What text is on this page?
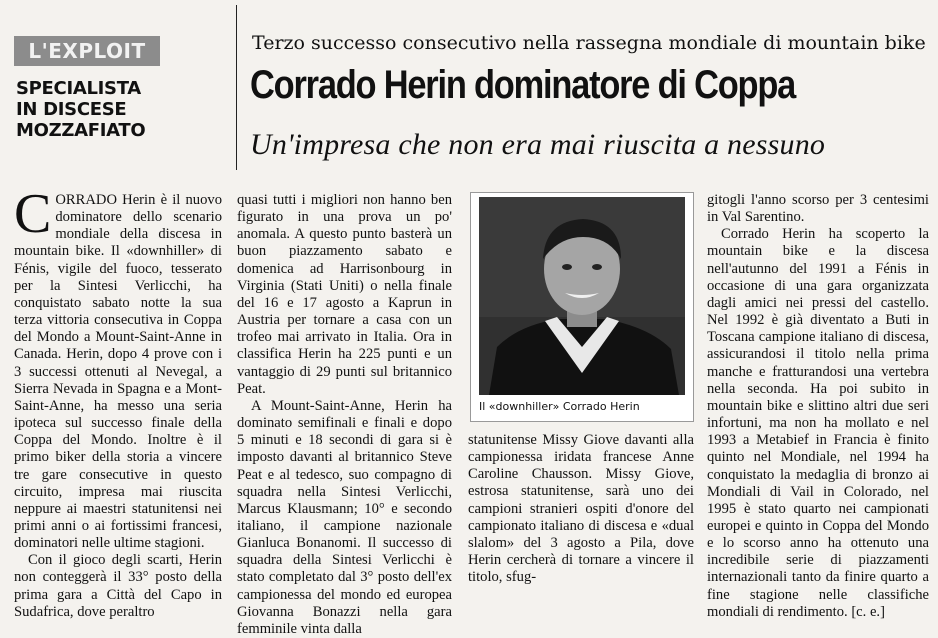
L'EXPLOIT
SPECIALISTA
IN DISCESE
MOZZAFIATO
Terzo successo consecutivo nella rassegna mondiale di mountain bike
Corrado Herin dominatore di Coppa
Un'impresa che non era mai riuscita a nessuno

CORRADO Herin è il nuovo dominatore dello scenario mondiale della discesa in mountain bike. Il «downhiller» di Fénis, vigile del fuoco, tesserato per la Sintesi Verlicchi, ha conquistato sabato notte la sua terza vittoria consecutiva in Coppa del Mondo a Mount-Saint-Anne in Canada. Herin, dopo 4 prove con i 3 successi ottenuti al Nevegal, a Sierra Nevada in Spagna e a Mont-Saint-Anne, ha messo una seria ipoteca sul successo finale della Coppa del Mondo. Inoltre è il primo biker della storia a vincere tre gare consecutive in questo circuito, impresa mai riuscita neppure ai maestri statunitensi nei primi anni o ai fortissimi francesi, dominatori nelle ultime stagioni.

Con il gioco degli scarti, Herin non conteggerà il 33° posto della prima gara a Città del Capo in Sudafrica, dove peraltro

quasi tutti i migliori non hanno ben figurato in una prova un po' anomala. A questo punto basterà un buon piazzamento sabato e domenica ad Harrisonbourg in Virginia (Stati Uniti) o nella finale del 16 e 17 agosto a Kaprun in Austria per tornare a casa con un trofeo mai arrivato in Italia. Ora in classifica Herin ha 225 punti e un vantaggio di 29 punti sul britannico Peat.

A Mount-Saint-Anne, Herin ha dominato semifinali e finali e dopo 5 minuti e 18 secondi di gara si è imposto davanti al britannico Steve Peat e al tedesco, suo compagno di squadra nella Sintesi Verlicchi, Marcus Klausmann; 10° e secondo italiano, il campione nazionale Gianluca Bonanomi. Il successo di squadra della Sintesi Verlicchi è stato completato dal 3° posto dell'ex campionessa del mondo ed europea Giovanna Bonazzi nella gara femminile vinta dalla

Il «downhiller» Corrado Herin

statunitense Missy Giove davanti alla campionessa iridata francese Anne Caroline Chausson. Missy Giove, estrosa statunitense, sarà uno dei campioni stranieri ospiti d'onore del campionato italiano di discesa e «dual slalom» del 3 agosto a Pila, dove Herin cercherà di tornare a vincere il titolo, sfug-

gitogli l'anno scorso per 3 centesimi in Val Sarentino.

Corrado Herin ha scoperto la mountain bike e la discesa nell'autunno del 1991 a Fénis in occasione di una gara organizzata dagli amici nei pressi del castello. Nel 1992 è già diventato a Buti in Toscana campione italiano di discesa, assicurandosi il titolo nella prima manche e fratturandosi una vertebra nella seconda. Ha poi subito in mountain bike e slittino altri due seri infortuni, ma non ha mollato e nel 1993 a Metabief in Francia è finito quinto nel Mondiale, nel 1994 ha conquistato la medaglia di bronzo ai Mondiali di Vail in Colorado, nel 1995 è stato quarto nei campionati europei e quinto in Coppa del Mondo e lo scorso anno ha ottenuto una incredibile serie di piazzamenti internazionali tanto da finire quarto a fine stagione nelle classifiche mondiali di rendimento. [c. e.]
